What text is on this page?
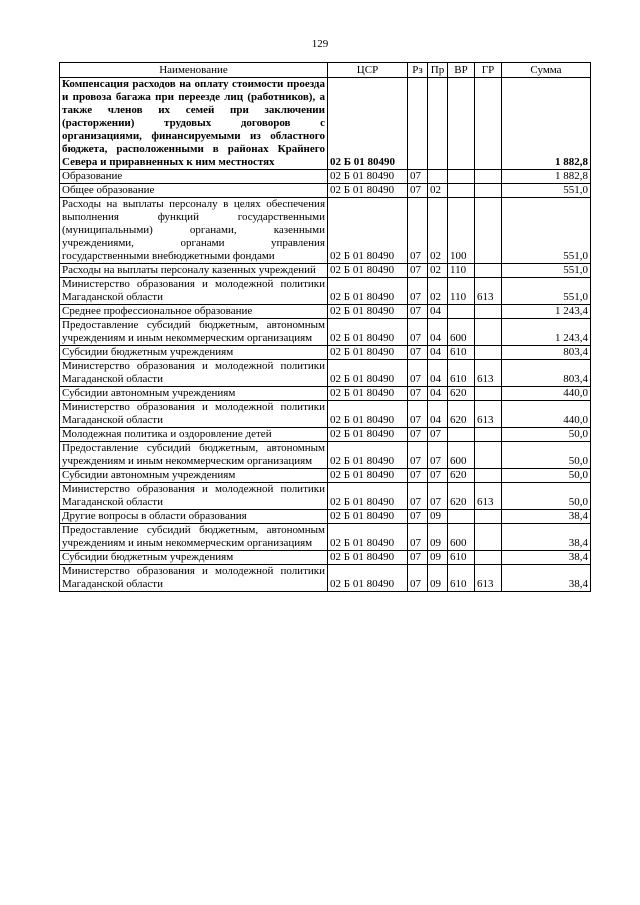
129
Наименование	ЦСР	Рз	Пр	ВР	ГР	Сумма
Компенсация расходов на оплату стоимости проезда и провоза багажа при переезде лиц (работников), а также членов их семей при заключении (расторжении) трудовых договоров с организациями, финансируемыми из областного бюджета, расположенными в районах Крайнего Севера и приравненных к ним местностях	02 Б 01 80490					1 882,8
Образование	02 Б 01 80490	07				1 882,8
Общее образование	02 Б 01 80490	07	02			551,0
Расходы на выплаты персоналу в целях обеспечения выполнения функций государственными (муниципальными) органами, казенными учреждениями, органами управления государственными внебюджетными фондами	02 Б 01 80490	07	02	100		551,0
Расходы на выплаты персоналу казенных учреждений	02 Б 01 80490	07	02	110		551,0
Министерство образования и молодежной политики Магаданской области	02 Б 01 80490	07	02	110	613	551,0
Среднее профессиональное образование	02 Б 01 80490	07	04			1 243,4
Предоставление субсидий бюджетным, автономным учреждениям и иным некоммерческим организациям	02 Б 01 80490	07	04	600		1 243,4
Субсидии бюджетным учреждениям	02 Б 01 80490	07	04	610		803,4
Министерство образования и молодежной политики Магаданской области	02 Б 01 80490	07	04	610	613	803,4
Субсидии автономным учреждениям	02 Б 01 80490	07	04	620		440,0
Министерство образования и молодежной политики Магаданской области	02 Б 01 80490	07	04	620	613	440,0
Молодежная политика и оздоровление детей	02 Б 01 80490	07	07			50,0
Предоставление субсидий бюджетным, автономным учреждениям и иным некоммерческим организациям	02 Б 01 80490	07	07	600		50,0
Субсидии автономным учреждениям	02 Б 01 80490	07	07	620		50,0
Министерство образования и молодежной политики Магаданской области	02 Б 01 80490	07	07	620	613	50,0
Другие вопросы в области образования	02 Б 01 80490	07	09			38,4
Предоставление субсидий бюджетным, автономным учреждениям и иным некоммерческим организациям	02 Б 01 80490	07	09	600		38,4
Субсидии бюджетным учреждениям	02 Б 01 80490	07	09	610		38,4
Министерство образования и молодежной политики Магаданской области	02 Б 01 80490	07	09	610	613	38,4
